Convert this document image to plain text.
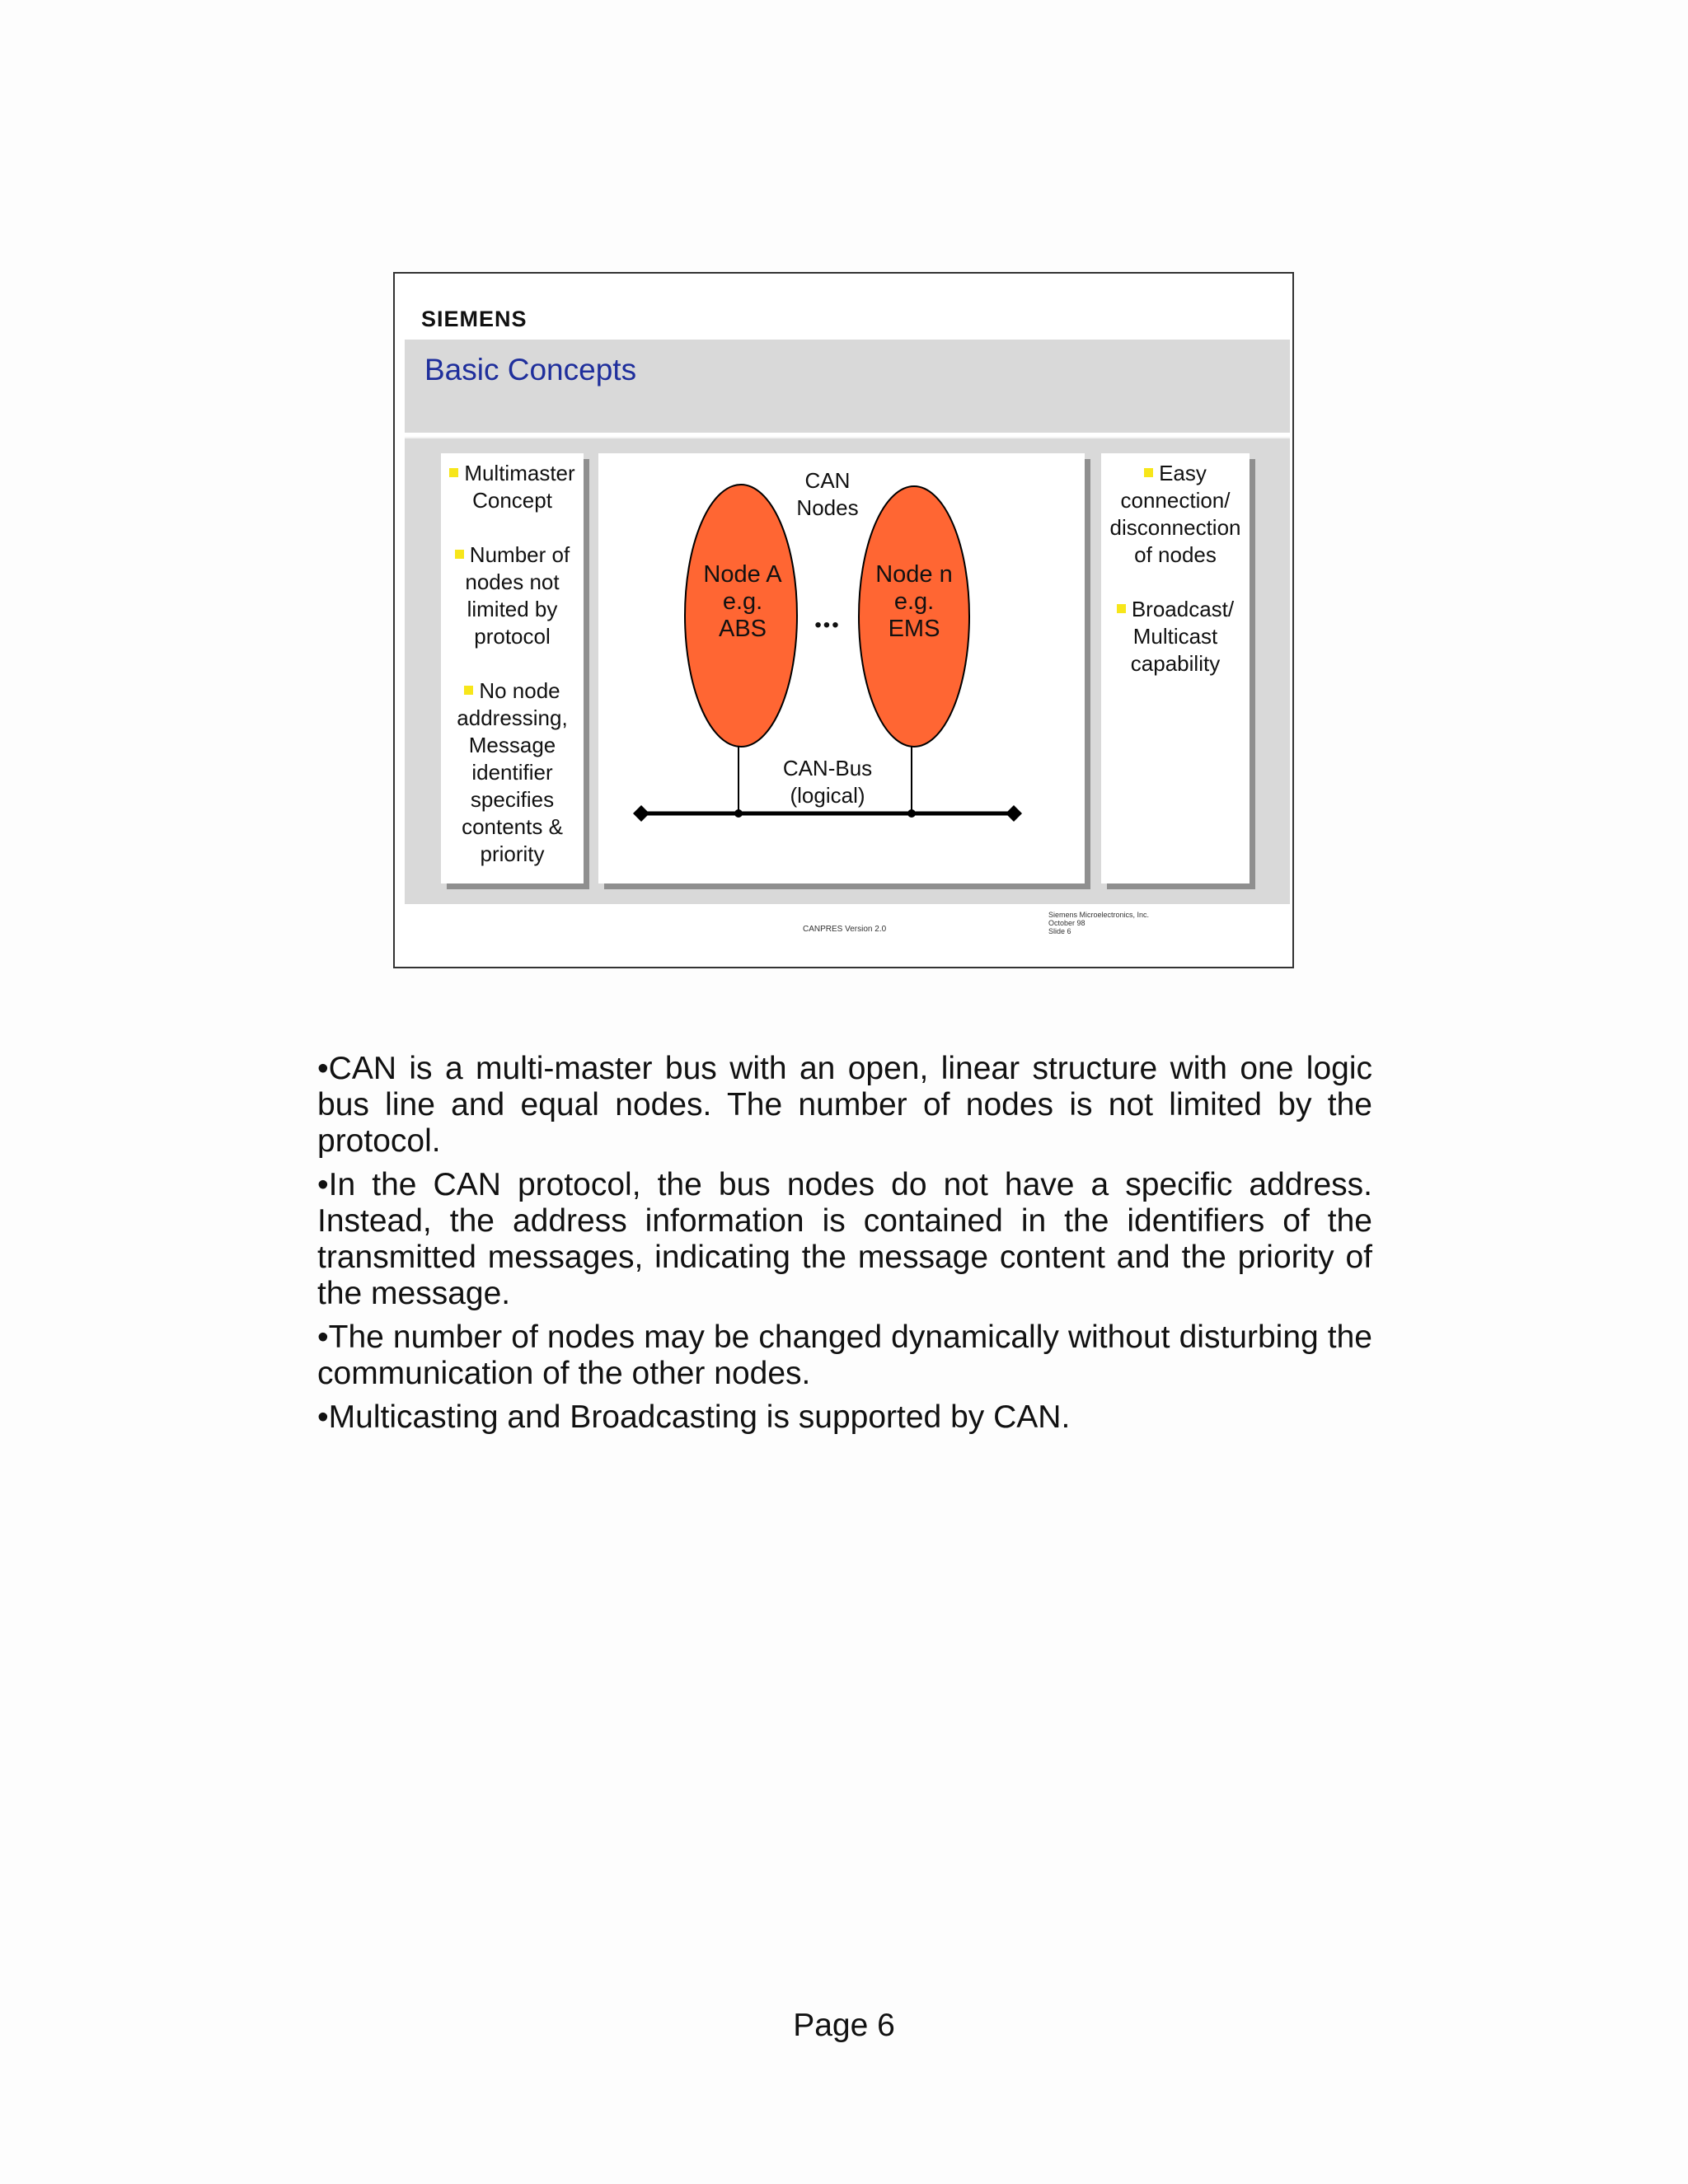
SIEMENS
Basic Concepts
Multimaster Concept
Number of nodes not limited by protocol
No node addressing, Message identifier specifies contents & priority
CAN
Nodes
Node A
e.g.
ABS
Node n
e.g.
EMS
•••
CAN-Bus
(logical)
Easy connection/ disconnection of nodes
Broadcast/ Multicast capability
CANPRES Version 2.0
Siemens Microelectronics, Inc.
October 98
Slide 6

•CAN is a multi-master bus with an open, linear structure with one logic bus line and equal nodes. The number of nodes is not limited by the protocol.

•In the CAN protocol, the bus nodes do not have a specific address. Instead, the address information is contained in the identifiers of the transmitted messages, indicating the message content and the priority of the message.

•The number of nodes may be changed dynamically without disturbing the communication of the other nodes.

•Multicasting and Broadcasting is supported by CAN.

Page 6
